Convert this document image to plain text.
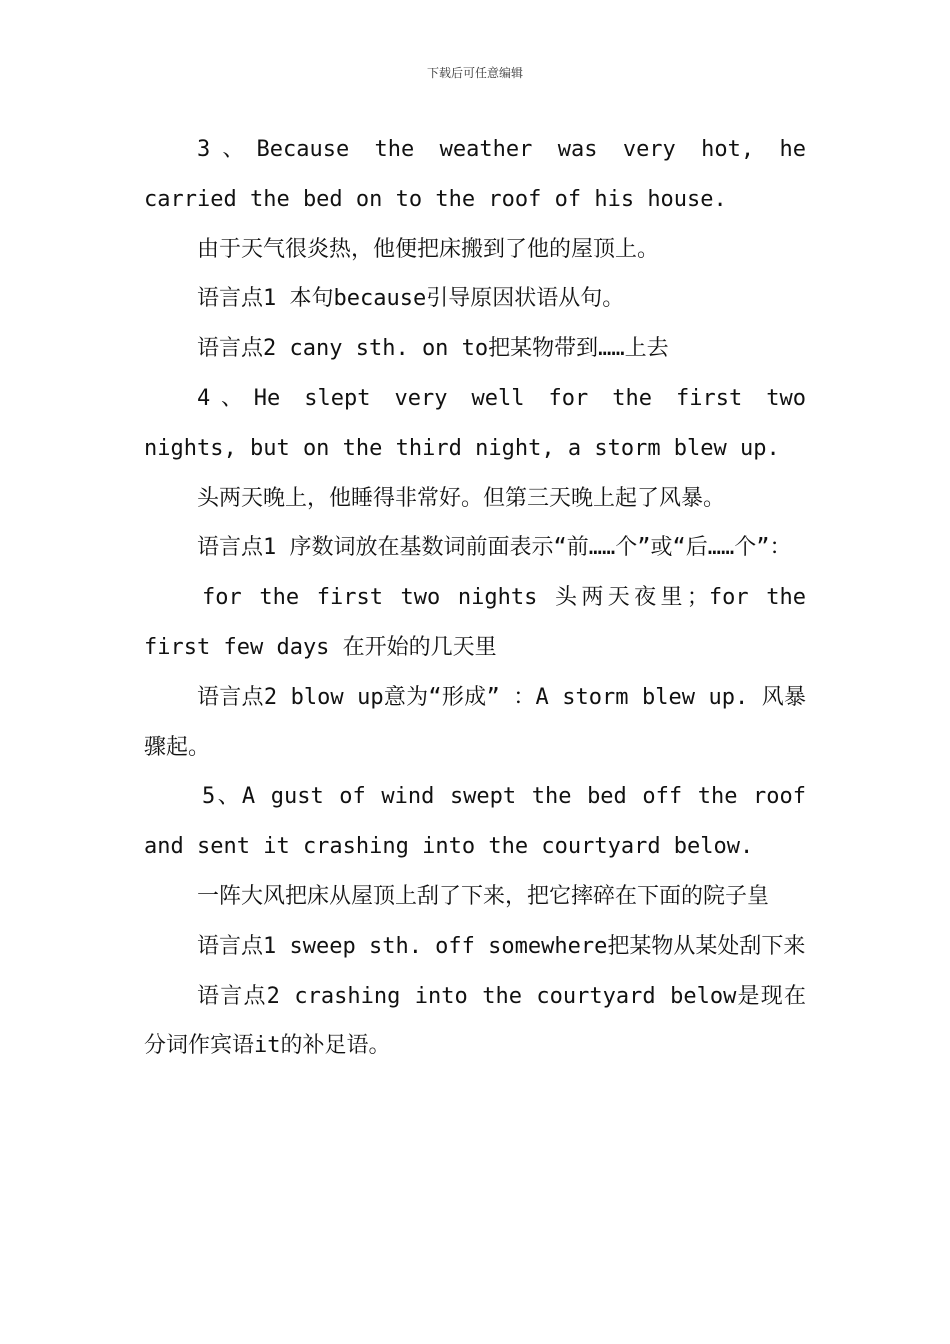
下载后可任意编辑

3、Because the weather was very hot, he carried the bed on to the roof of his house.

由于天气很炎热，他便把床搬到了他的屋顶上。

语言点1 本句because引导原因状语从句。

语言点2 cany sth. on to把某物带到……上去

4、He slept very well for the first two nights, but on the third night, a storm blew up.

头两天晚上，他睡得非常好。但第三天晚上起了风暴。

语言点1 序数词放在基数词前面表示“前……个”或“后……个”：

for the first two nights 头两天夜里；for the first few days 在开始的几天里

语言点2 blow up意为“形成” ：A storm blew up. 风暴骤起。

5、A gust of wind swept the bed off the roof and sent it crashing into the courtyard below.

一阵大风把床从屋顶上刮了下来，把它摔碎在下面的院子皇

语言点1 sweep sth. off somewhere把某物从某处刮下来

语言点2 crashing into the courtyard below是现在分词作宾语it的补足语。
